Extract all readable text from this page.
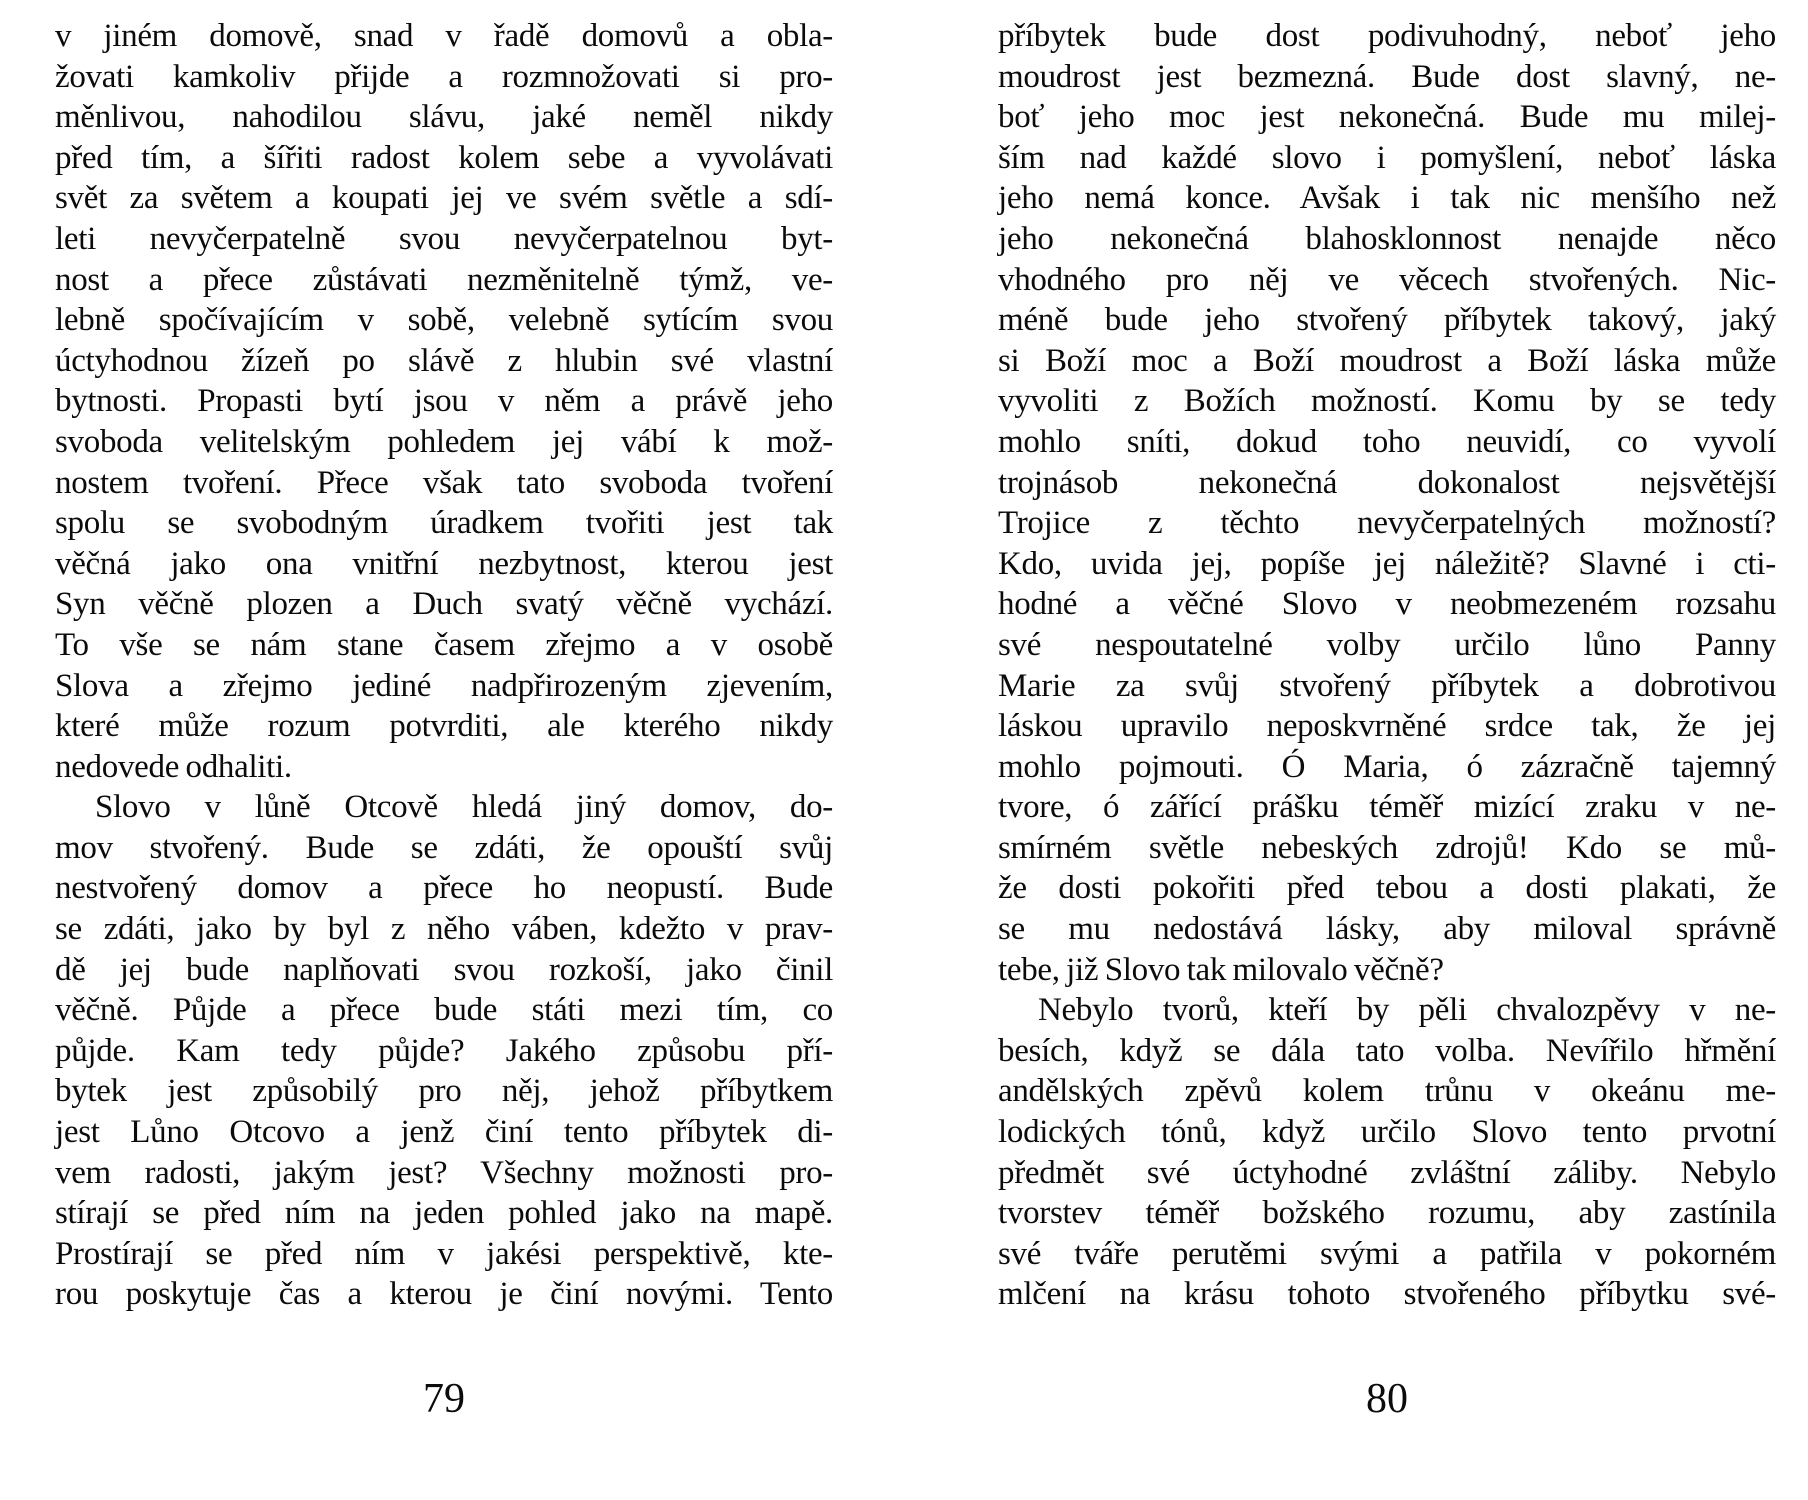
v jiném domově, snad v řadě domovů a obla-
žovati kamkoliv přijde a rozmnožovati si pro-
měnlivou, nahodilou slávu, jaké neměl nikdy
před tím, a šířiti radost kolem sebe a vyvolávati
svět za světem a koupati jej ve svém světle a sdí-
leti nevyčerpatelně svou nevyčerpatelnou byt-
nost a přece zůstávati nezměnitelně týmž, ve-
lebně spočívajícím v sobě, velebně sytícím svou
úctyhodnou žízeň po slávě z hlubin své vlastní
bytnosti. Propasti bytí jsou v něm a právě jeho
svoboda velitelským pohledem jej vábí k mož-
nostem tvoření. Přece však tato svoboda tvoření
spolu se svobodným úradkem tvořiti jest tak
věčná jako ona vnitřní nezbytnost, kterou jest
Syn věčně plozen a Duch svatý věčně vychází.
To vše se nám stane časem zřejmo a v osobě
Slova a zřejmo jediné nadpřirozeným zjevením,
které může rozum potvrditi, ale kterého nikdy
nedovede odhaliti.
Slovo v lůně Otcově hledá jiný domov, do-
mov stvořený. Bude se zdáti, že opouští svůj
nestvořený domov a přece ho neopustí. Bude
se zdáti, jako by byl z něho váben, kdežto v prav-
dě jej bude naplňovati svou rozkoší, jako činil
věčně. Půjde a přece bude státi mezi tím, co
půjde. Kam tedy půjde? Jakého způsobu pří-
bytek jest způsobilý pro něj, jehož příbytkem
jest Lůno Otcovo a jenž činí tento příbytek di-
vem radosti, jakým jest? Všechny možnosti pro-
stírají se před ním na jeden pohled jako na mapě.
Prostírají se před ním v jakési perspektivě, kte-
rou poskytuje čas a kterou je činí novými. Tento
79
příbytek bude dost podivuhodný, neboť jeho
moudrost jest bezmezná. Bude dost slavný, ne-
boť jeho moc jest nekonečná. Bude mu milej-
ším nad každé slovo i pomyšlení, neboť láska
jeho nemá konce. Avšak i tak nic menšího než
jeho nekonečná blahosklonnost nenajde něco
vhodného pro něj ve věcech stvořených. Nic-
méně bude jeho stvořený příbytek takový, jaký
si Boží moc a Boží moudrost a Boží láska může
vyvoliti z Božích možností. Komu by se tedy
mohlo sníti, dokud toho neuvidí, co vyvolí
trojnásob nekonečná dokonalost nejsvětější
Trojice z těchto nevyčerpatelných možností?
Kdo, uvida jej, popíše jej náležitě? Slavné i cti-
hodné a věčné Slovo v neobmezeném rozsahu
své nespoutatelné volby určilo lůno Panny
Marie za svůj stvořený příbytek a dobrotivou
láskou upravilo neposkvrněné srdce tak, že jej
mohlo pojmouti. Ó Maria, ó zázračně tajemný
tvore, ó zářící prášku téměř mizící zraku v ne-
smírném světle nebeských zdrojů! Kdo se mů-
že dosti pokořiti před tebou a dosti plakati, že
se mu nedostává lásky, aby miloval správně
tebe, již Slovo tak milovalo věčně?
Nebylo tvorů, kteří by pěli chvalozpěvy v ne-
besích, když se dála tato volba. Nevířilo hřmění
andělských zpěvů kolem trůnu v okeánu me-
lodických tónů, když určilo Slovo tento prvotní
předmět své úctyhodné zvláštní záliby. Nebylo
tvorstev téměř božského rozumu, aby zastínila
své tváře perutěmi svými a patřila v pokorném
mlčení na krásu tohoto stvořeného příbytku své-
80
